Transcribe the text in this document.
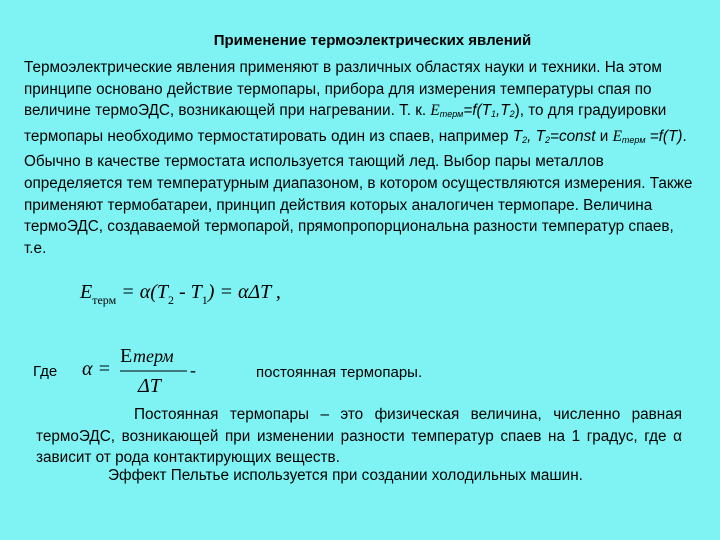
Применение термоэлектрических явлений
Термоэлектрические явления применяют в различных областях науки и техники. На этом принципе основано действие термопары, прибора для измерения температуры спая по величине термоЭДС, возникающей при нагревании. Т. к. $E_{терм}=f(T_1,T_2)$, то для градуировки термопары необходимо термостатировать один из спаев, например $T_2$, $T_2=const$ и $E_{терм} =f(T)$. Обычно в качестве термостата используется тающий лед. Выбор пары металлов определяется тем температурным диапазоном, в котором осуществляются измерения. Также применяют термобатареи, принцип действия которых аналогичен термопаре. Величина термоЭДС, создаваемой термопарой, прямопропорциональна разности температур спаев, т.е.
$E_{терм} = \alpha(T_2 - T_1) = \alpha\Delta T$ ,
Где α =
E терм
-
ΔT
постоянная термопары.
Постоянная термопары – это физическая величина, численно равная термоЭДС, возникающей при изменении разности температур спаев на 1 градус, где α зависит от рода контактирующих веществ.
Эффект Пельтье используется при создании холодильных машин.
